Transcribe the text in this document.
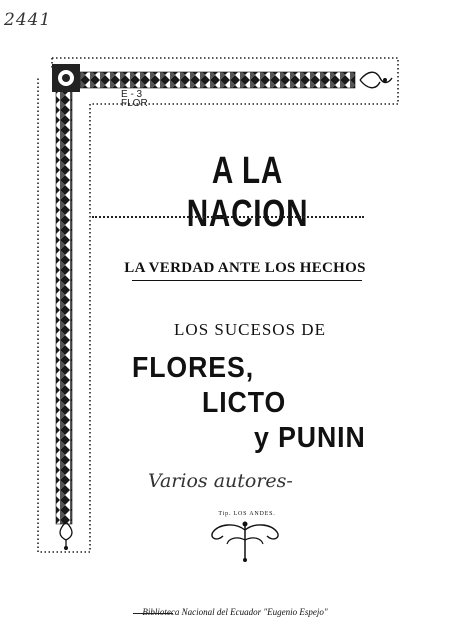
2441
E - 3
FLOR
A LA NACION
LA VERDAD ANTE LOS HECHOS
LOS SUCESOS DE
FLORES,
LICTO
y PUNIN
Varios autores-
Tip. LOS ANDES.
Biblioteca Nacional del Ecuador "Eugenio Espejo"
